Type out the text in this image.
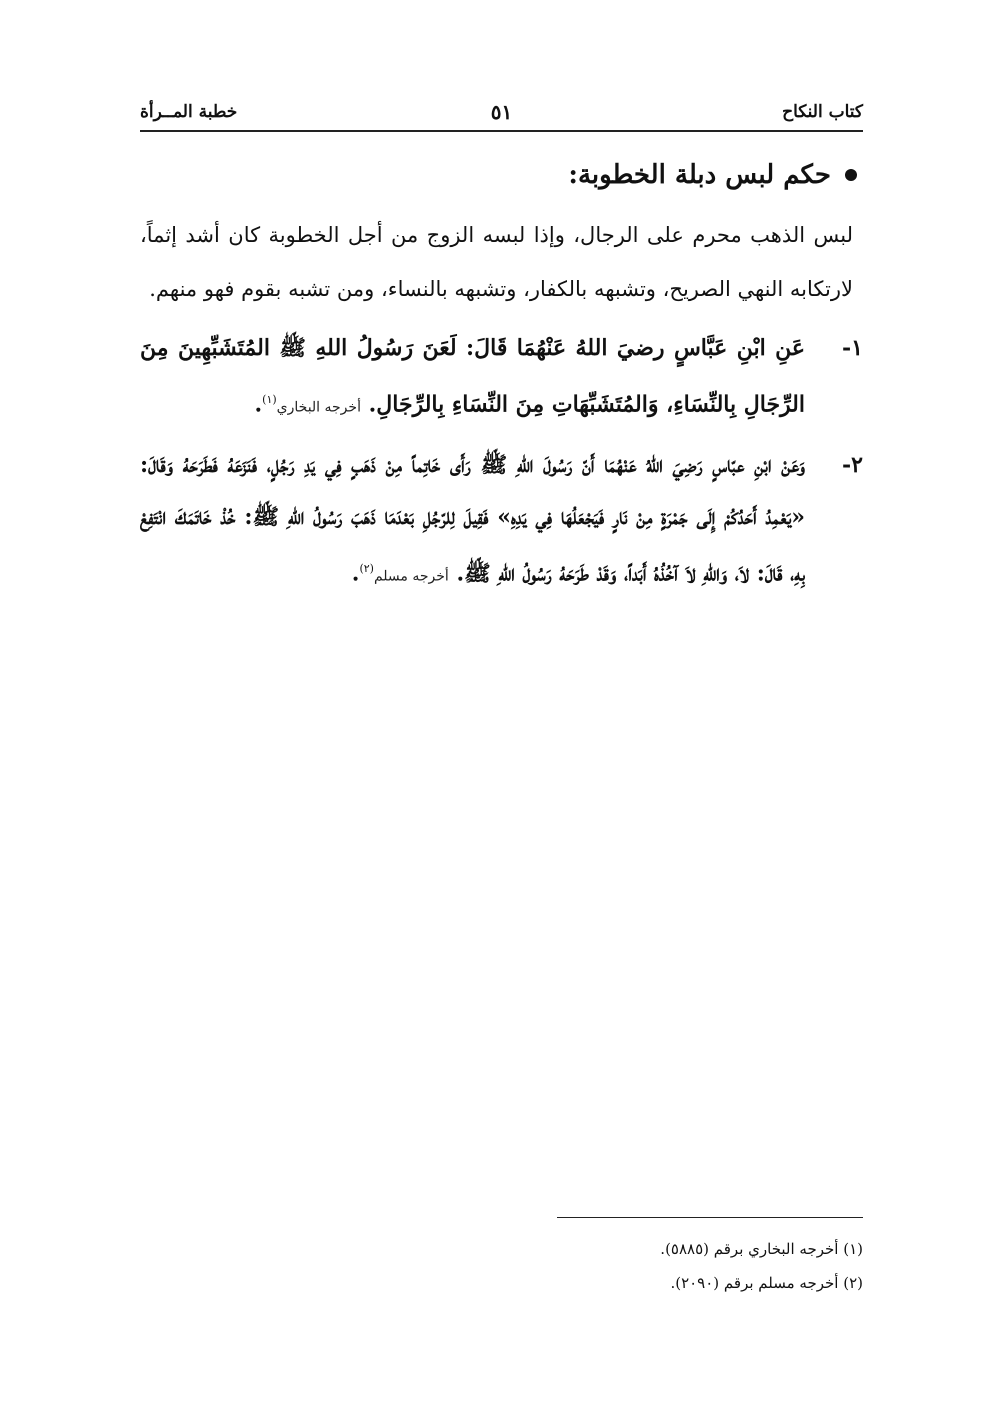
كتاب النكاح
٥١
خطبة المــرأة
حكم لبس دبلة الخطوبة:

لبس الذهب محرم على الرجال، وإذا لبسه الزوج من أجل الخطوبة كان أشد إثماً، لارتكابه النهي الصريح، وتشبهه بالكفار، وتشبهه بالنساء، ومن تشبه بقوم فهو منهم.

١-
عَنِ ابْنِ عَبَّاسٍ رضيَ اللهُ عَنْهُمَا قَالَ: لَعَنَ رَسُولُ اللهِ ﷺ المُتَشَبِّهِينَ مِنَ الرِّجَالِ بِالنِّسَاءِ، وَالمُتَشَبِّهَاتِ مِنَ النِّسَاءِ بِالرِّجَالِ. أخرجه البخاري$^{(١)}$.
٢-
وَعَنْ ابْنِ عبّاسٍ رَضِيَ اللهُ عَنْهُمَا أَنّ رَسُولَ اللهِ ﷺ رَأَى خَاتِماً مِنْ ذَهَبٍ فِي يَدِ رَجُلٍ، فَنَزَعَهُ فَطَرَحَهُ وَقَالَ: «يَعْمِدُ أَحَدُكُمْ إِلَى جَمْرَةٍ مِنْ نَارٍ فَيَجْعَلُهَا فِي يَدِهِ» فَقِيلَ لِلرّجُلِ بَعْدَمَا ذَهَبَ رَسُولُ اللهِ ﷺ: خُذْ خَاتَمَكَ انْتَفِعْ بِهِ، قَالَ: لاَ، وَاللهِ لاَ آخُذُهُ أَبَداً، وَقَدْ طَرَحَهُ رَسُولُ اللهِ ﷺ. أخرجه مسلم$^{(٢)}$.
(١) أخرجه البخاري برقم (٥٨٨٥).
(٢) أخرجه مسلم برقم (٢٠٩٠).
